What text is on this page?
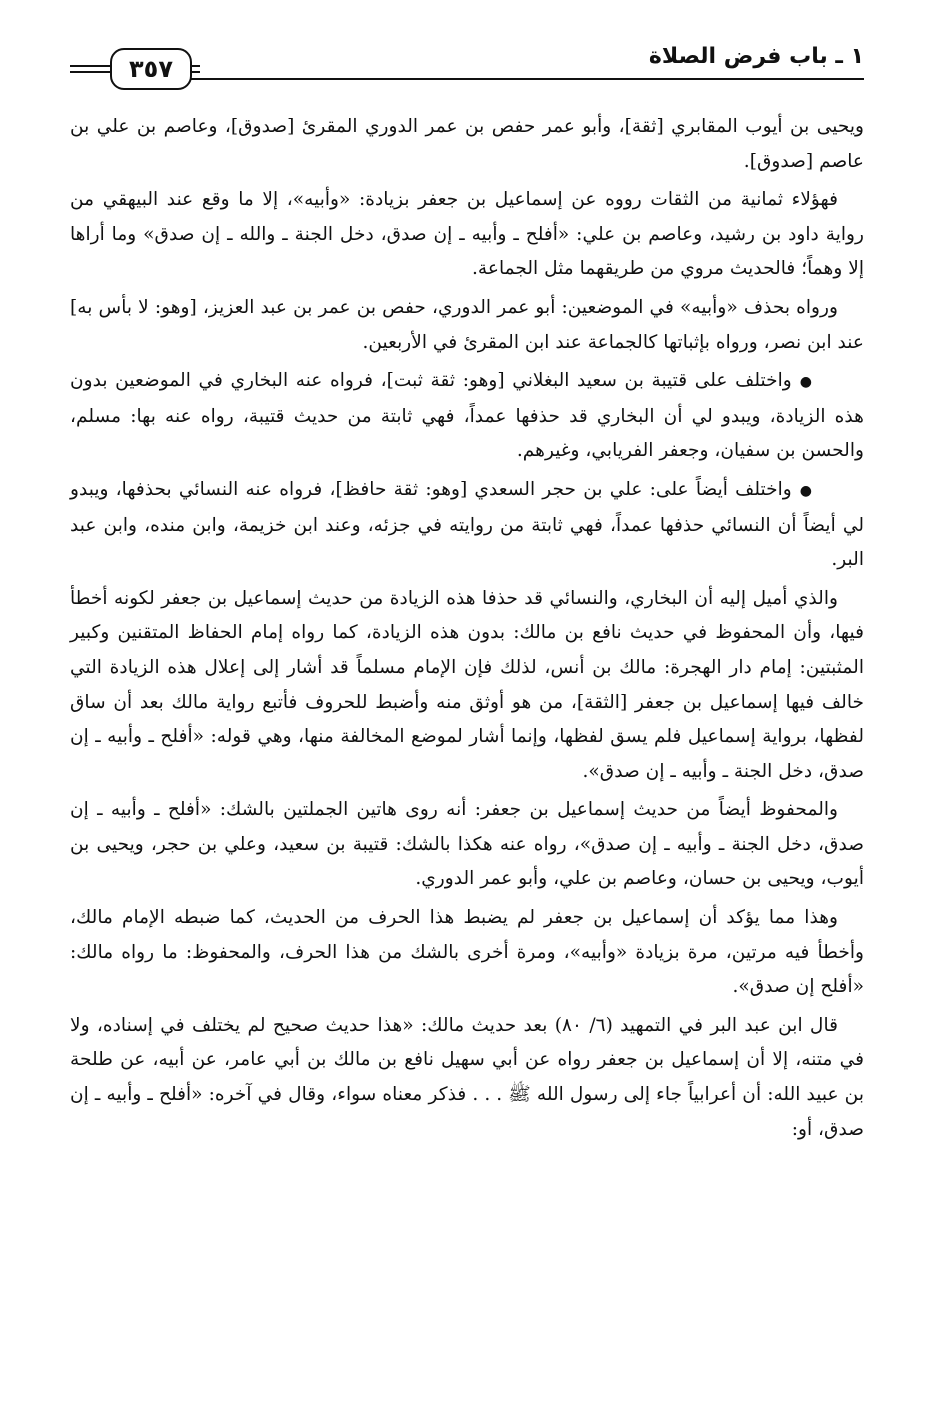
١ ـ باب فرض الصلاة
٣٥٧

ويحيى بن أيوب المقابري [ثقة]، وأبو عمر حفص بن عمر الدوري المقرئ [صدوق]، وعاصم بن علي بن عاصم [صدوق].

فهؤلاء ثمانية من الثقات رووه عن إسماعيل بن جعفر بزيادة: «وأبيه»، إلا ما وقع عند البيهقي من رواية داود بن رشيد، وعاصم بن علي: «أفلح ـ وأبيه ـ إن صدق، دخل الجنة ـ والله ـ إن صدق» وما أراها إلا وهماً؛ فالحديث مروي من طريقهما مثل الجماعة.

ورواه بحذف «وأبيه» في الموضعين: أبو عمر الدوري، حفص بن عمر بن عبد العزيز، [وهو: لا بأس به] عند ابن نصر، ورواه بإثباتها كالجماعة عند ابن المقرئ في الأربعين.

●واختلف على قتيبة بن سعيد البغلاني [وهو: ثقة ثبت]، فرواه عنه البخاري في الموضعين بدون هذه الزيادة، ويبدو لي أن البخاري قد حذفها عمداً، فهي ثابتة من حديث قتيبة، رواه عنه بها: مسلم، والحسن بن سفيان، وجعفر الفريابي، وغيرهم.

●واختلف أيضاً على: علي بن حجر السعدي [وهو: ثقة حافظ]، فرواه عنه النسائي بحذفها، ويبدو لي أيضاً أن النسائي حذفها عمداً، فهي ثابتة من روايته في جزئه، وعند ابن خزيمة، وابن منده، وابن عبد البر.

والذي أميل إليه أن البخاري، والنسائي قد حذفا هذه الزيادة من حديث إسماعيل بن جعفر لكونه أخطأ فيها، وأن المحفوظ في حديث نافع بن مالك: بدون هذه الزيادة، كما رواه إمام الحفاظ المتقنين وكبير المثبتين: إمام دار الهجرة: مالك بن أنس، لذلك فإن الإمام مسلماً قد أشار إلى إعلال هذه الزيادة التي خالف فيها إسماعيل بن جعفر [الثقة]، من هو أوثق منه وأضبط للحروف فأتبع رواية مالك بعد أن ساق لفظها، برواية إسماعيل فلم يسق لفظها، وإنما أشار لموضع المخالفة منها، وهي قوله: «أفلح ـ وأبيه ـ إن صدق، دخل الجنة ـ وأبيه ـ إن صدق».

والمحفوظ أيضاً من حديث إسماعيل بن جعفر: أنه روى هاتين الجملتين بالشك: «أفلح ـ وأبيه ـ إن صدق، دخل الجنة ـ وأبيه ـ إن صدق»، رواه عنه هكذا بالشك: قتيبة بن سعيد، وعلي بن حجر، ويحيى بن أيوب، ويحيى بن حسان، وعاصم بن علي، وأبو عمر الدوري.

وهذا مما يؤكد أن إسماعيل بن جعفر لم يضبط هذا الحرف من الحديث، كما ضبطه الإمام مالك، وأخطأ فيه مرتين، مرة بزيادة «وأبيه»، ومرة أخرى بالشك من هذا الحرف، والمحفوظ: ما رواه مالك: «أفلح إن صدق».

قال ابن عبد البر في التمهيد (٦/ ٨٠) بعد حديث مالك: «هذا حديث صحيح لم يختلف في إسناده، ولا في متنه، إلا أن إسماعيل بن جعفر رواه عن أبي سهيل نافع بن مالك بن أبي عامر، عن أبيه، عن طلحة بن عبيد الله: أن أعرابياً جاء إلى رسول الله ﷺ . . . فذكر معناه سواء، وقال في آخره: «أفلح ـ وأبيه ـ إن صدق، أو:
